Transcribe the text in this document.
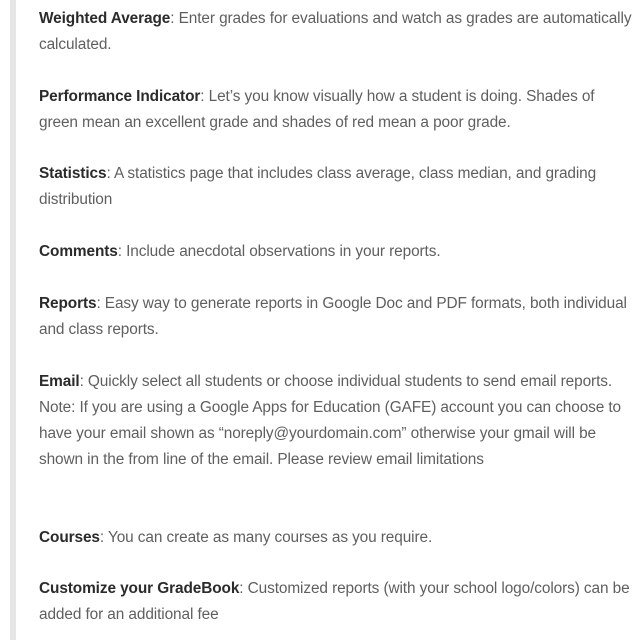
Weighted Average: Enter grades for evaluations and watch as grades are automatically calculated.

Performance Indicator: Let’s you know visually how a student is doing. Shades of green mean an excellent grade and shades of red mean a poor grade.

Statistics: A statistics page that includes class average, class median, and grading distribution

Comments: Include anecdotal observations in your reports.

Reports: Easy way to generate reports in Google Doc and PDF formats, both individual and class reports.

Email: Quickly select all students or choose individual students to send email reports. Note: If you are using a Google Apps for Education (GAFE) account you can choose to have your email shown as “noreply@yourdomain.com” otherwise your gmail will be shown in the from line of the email. Please review email limitations

Courses: You can create as many courses as you require.

Customize your GradeBook: Customized reports (with your school logo/colors) can be added for an additional fee
